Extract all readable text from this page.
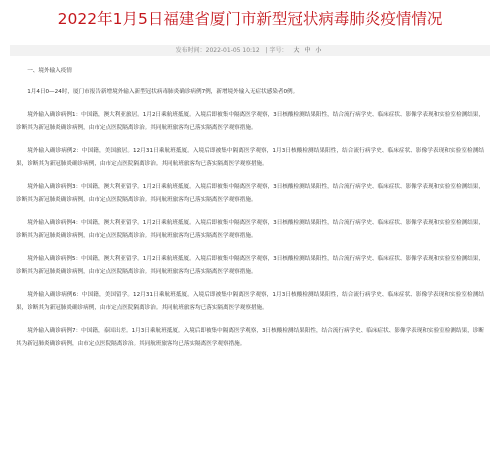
2022年1月5日福建省厦门市新型冠状病毒肺炎疫情情况
发布时间：2022-01-05 10:12 | 字号： 大 中 小

一、境外输入疫情

1月4日0—24时，厦门市报告新增境外输入新型冠状病毒肺炎确诊病例7例，新增境外输入无症状感染者0例。

境外输入确诊病例1：中国籍，澳大利亚旅居。1月2日乘航班抵厦。入境后即被集中隔离医学观察，3日核酸检测结果阳性，结合流行病学史、临床症状、影像学表现和实验室检测结果，诊断其为新冠肺炎确诊病例，由市定点医院隔离诊治。其同航班旅客均已落实隔离医学观察措施。

境外输入确诊病例2：中国籍，美国旅居。12月31日乘航班抵厦。入境后即被集中隔离医学观察，1月3日核酸检测结果阳性，结合流行病学史、临床症状、影像学表现和实验室检测结果，诊断其为新冠肺炎确诊病例，由市定点医院隔离诊治。其同航班旅客均已落实隔离医学观察措施。

境外输入确诊病例3：中国籍，澳大利亚留学。1月2日乘航班抵厦。入境后即被集中隔离医学观察，3日核酸检测结果阳性，结合流行病学史、临床症状、影像学表现和实验室检测结果，诊断其为新冠肺炎确诊病例，由市定点医院隔离诊治。其同航班旅客均已落实隔离医学观察措施。

境外输入确诊病例4：中国籍，澳大利亚留学。1月2日乘航班抵厦。入境后即被集中隔离医学观察，3日核酸检测结果阳性，结合流行病学史、临床症状、影像学表现和实验室检测结果，诊断其为新冠肺炎确诊病例，由市定点医院隔离诊治。其同航班旅客均已落实隔离医学观察措施。

境外输入确诊病例5：中国籍，澳大利亚留学。1月2日乘航班抵厦。入境后即被集中隔离医学观察，3日核酸检测结果阳性，结合流行病学史、临床症状、影像学表现和实验室检测结果，诊断其为新冠肺炎确诊病例，由市定点医院隔离诊治。其同航班旅客均已落实隔离医学观察措施。

境外输入确诊病例6：中国籍，美国留学。12月31日乘航班抵厦。入境后即被集中隔离医学观察，1月3日核酸检测结果阳性，结合流行病学史、临床症状、影像学表现和实验室检测结果，诊断其为新冠肺炎确诊病例，由市定点医院隔离诊治。其同航班旅客均已落实隔离医学观察措施。

境外输入确诊病例7：中国籍，泰国出差。1月3日乘航班抵厦。入境后即被集中隔离医学观察，3日核酸检测结果阳性，结合流行病学史、临床症状、影像学表现和实验室检测结果，诊断其为新冠肺炎确诊病例，由市定点医院隔离诊治。其同航班旅客均已落实隔离医学观察措施。
